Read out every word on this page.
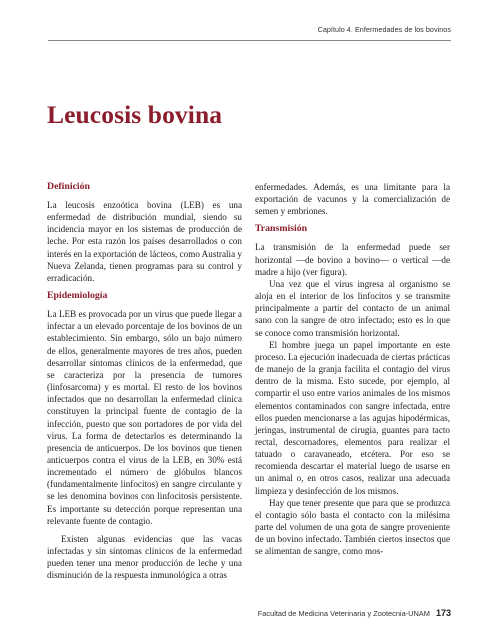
Capítulo 4. Enfermedades de los bovinos
Leucosis bovina
Definición

La leucosis enzoótica bovina (LEB) es una enfermedad de distribución mundial, siendo su incidencia mayor en los sistemas de producción de leche. Por esta razón los países desarrollados o con interés en la exportación de lácteos, como Australia y Nueva Zelanda, tienen programas para su control y erradicación.

Epidemiología

La LEB es provocada por un virus que puede llegar a infectar a un elevado porcentaje de los bovinos de un establecimiento. Sin embargo, sólo un bajo número de ellos, generalmente mayores de tres años, pueden desarrollar síntomas clínicos de la enfermedad, que se caracteriza por la presencia de tumores (linfosarcoma) y es mortal. El resto de los bovinos infectados que no desarrollan la enfermedad clínica constituyen la principal fuente de contagio de la infección, puesto que son portadores de por vida del virus. La forma de detectarlos es determinando la presencia de anticuerpos. De los bovinos que tienen anticuerpos contra el virus de la LEB, en 30% está incrementado el número de glóbulos blancos (fundamentalmente linfocitos) en sangre circulante y se les denomina bovinos con linfocitosis persistente. Es importante su detección porque representan una relevante fuente de contagio.

Existen algunas evidencias que las vacas infectadas y sin síntomas clínicos de la enfermedad pueden tener una menor producción de leche y una disminución de la respuesta inmunológica a otras

enfermedades. Además, es una limitante para la exportación de vacunos y la comercialización de semen y embriones.

Transmisión

La transmisión de la enfermedad puede ser horizontal —de bovino a bovino— o vertical —de madre a hijo (ver figura).

Una vez que el virus ingresa al organismo se aloja en el interior de los linfocitos y se transmite principalmente a partir del contacto de un animal sano con la sangre de otro infectado; esto es lo que se conoce como transmisión horizontal.

El hombre juega un papel importante en este proceso. La ejecución inadecuada de ciertas prácticas de manejo de la granja facilita el contagio del virus dentro de la misma. Esto sucede, por ejemplo, al compartir el uso entre varios animales de los mismos elementos contaminados con sangre infectada, entre ellos pueden mencionarse a las agujas hipodérmicas, jeringas, instrumental de cirugía, guantes para tacto rectal, descornadores, elementos para realizar el tatuado o caravaneado, etcétera. Por eso se recomienda descartar el material luego de usarse en un animal o, en otros casos, realizar una adecuada limpieza y desinfección de los mismos.

Hay que tener presente que para que se produzca el contagio sólo basta el contacto con la milésima parte del volumen de una gota de sangre proveniente de un bovino infectado. También ciertos insectos que se alimentan de sangre, como mos-

Facultad de Medicina Veterinaria y Zootecnia-UNAM 173
